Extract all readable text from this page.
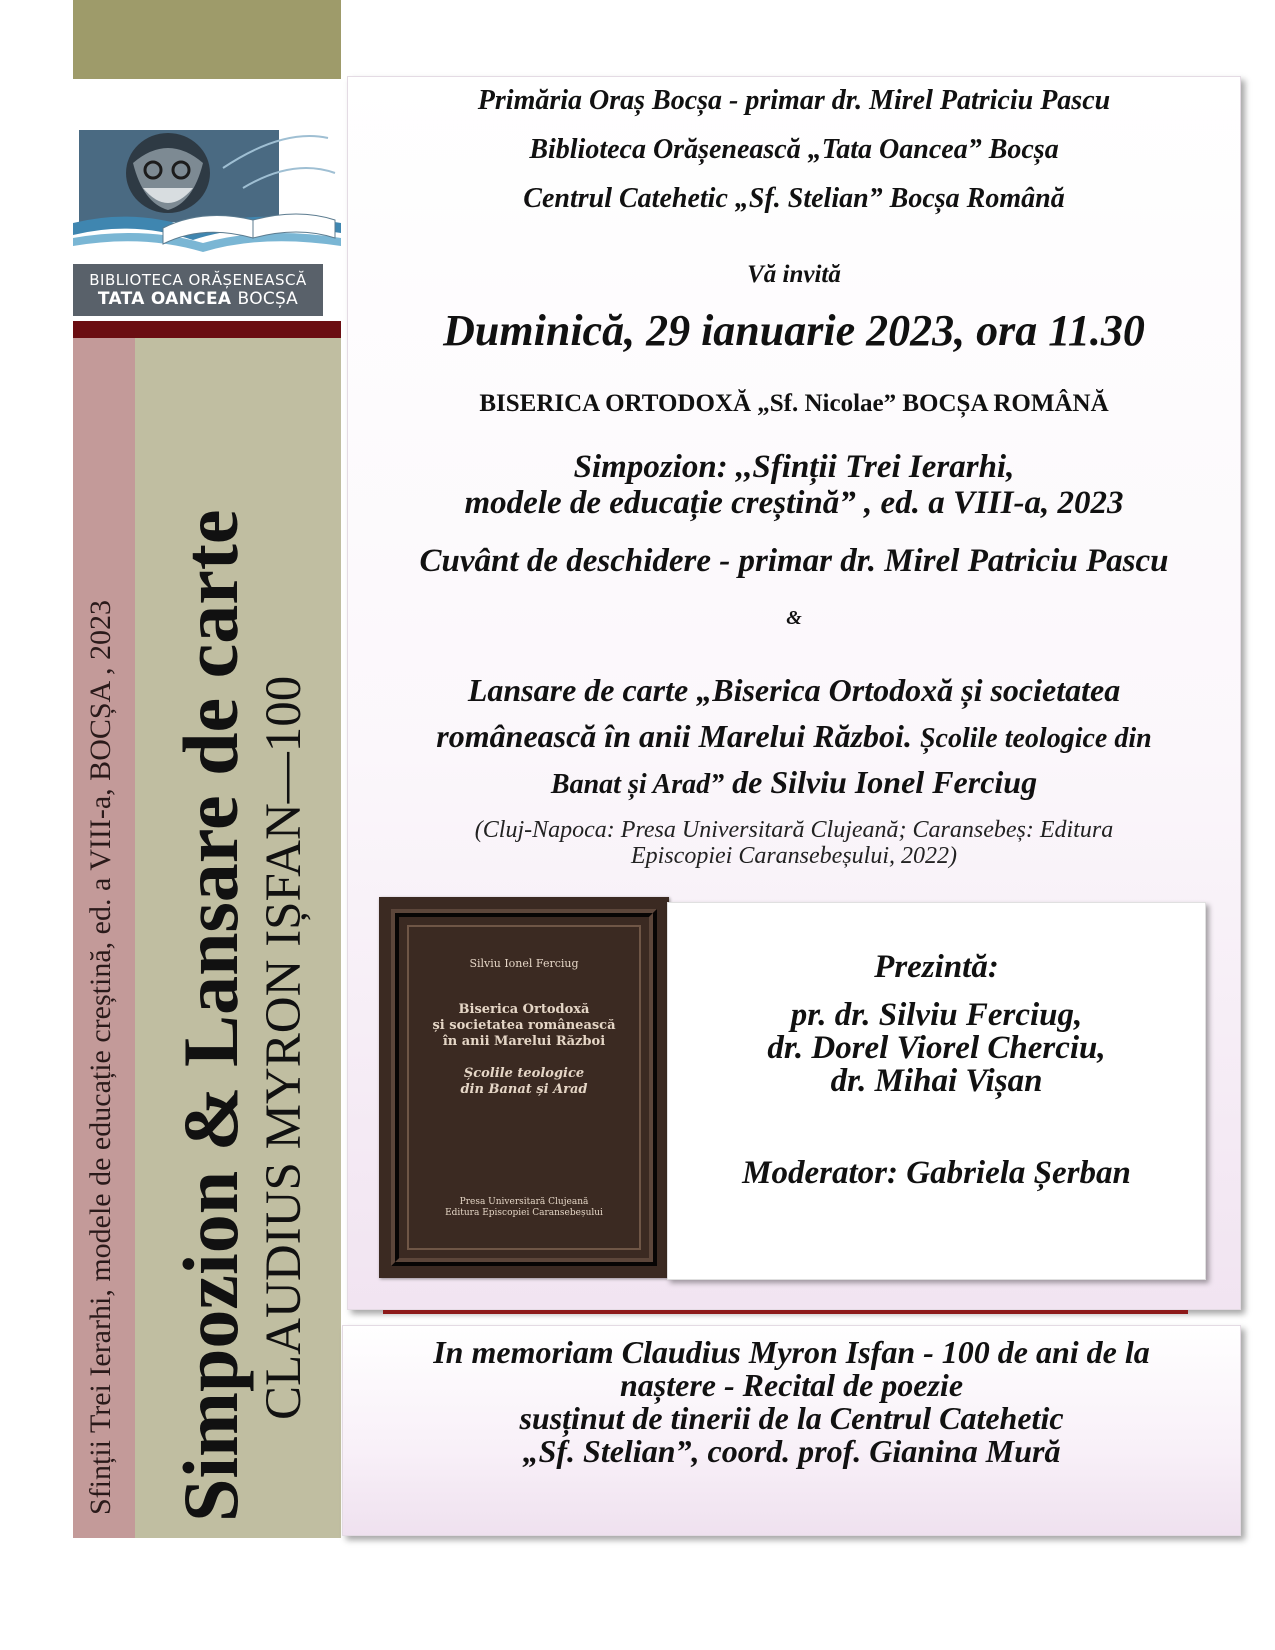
BIBLIOTECA ORĂȘENEASCĂ
TATA OANCEA BOCȘA
Sfinții Trei Ierarhi, modele de educație creștină, ed. a VIII-a, BOCȘA , 2023 Simpozion & Lansare de carte CLAUDIUS MYRON IȘFAN—100
Primăria Oraș Bocșa - primar dr. Mirel Patriciu Pascu
Biblioteca Orășenească „Tata Oancea” Bocșa
Centrul Catehetic „Sf. Stelian” Bocșa Română
Vă invită
Duminică, 29 ianuarie 2023, ora 11.30
BISERICA ORTODOXĂ „Sf. Nicolae” BOCȘA ROMÂNĂ
Simpozion: ,,Sfinții Trei Ierarhi,
modele de educație creștină” , ed. a VIII-a, 2023
Cuvânt de deschidere - primar dr. Mirel Patriciu Pascu
&
Lansare de carte „Biserica Ortodoxă și societatea
românească în anii Marelui Război. Școlile teologice din
Banat și Arad” de Silviu Ionel Ferciug
(Cluj-Napoca: Presa Universitară Clujeană; Caransebeș: Editura
Episcopiei Caransebeșului, 2022)
Silviu Ionel Ferciug
Biserica Ortodoxă
și societatea românească
în anii Marelui Război
Școlile teologice
din Banat și Arad
Presa Universitară Clujeană
Editura Episcopiei Caransebeșului
Prezintă:
pr. dr. Silviu Ferciug,
dr. Dorel Viorel Cherciu,
dr. Mihai Vișan
Moderator: Gabriela Șerban
In memoriam Claudius Myron Isfan - 100 de ani de la
naștere - Recital de poezie
susținut de tinerii de la Centrul Catehetic
„Sf. Stelian”, coord. prof. Gianina Mură
